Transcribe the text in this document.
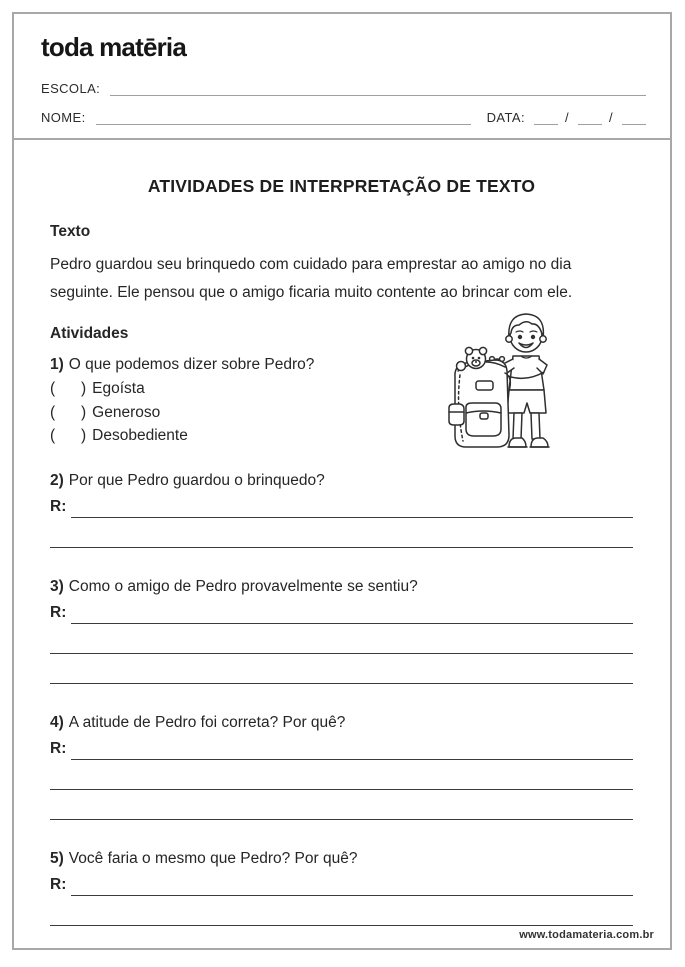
toda matēria
ESCOLA:
NOME:	DATA:	/	/
ATIVIDADES DE INTERPRETAÇÃO DE TEXTO
Texto
Pedro guardou seu brinquedo com cuidado para emprestar ao amigo no dia
seguinte. Ele pensou que o amigo ficaria muito contente ao brincar com ele.
Atividades
1) O que podemos dizer sobre Pedro?
(      ) Egoísta
(      ) Generoso
(      ) Desobediente
2) Por que Pedro guardou o brinquedo?
R:
3) Como o amigo de Pedro provavelmente se sentiu?
R:
4) A atitude de Pedro foi correta? Por quê?
R:
5) Você faria o mesmo que Pedro? Por quê?
R:
www.todamateria.com.br
